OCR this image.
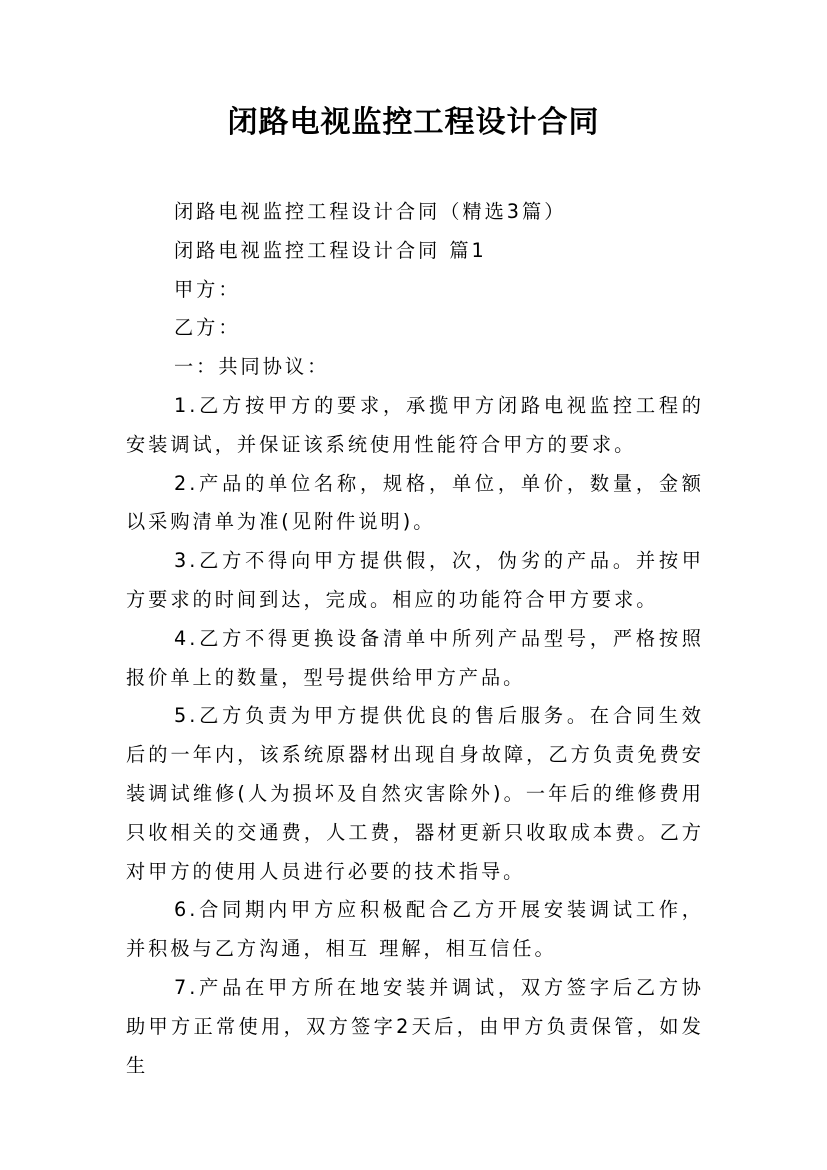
闭路电视监控工程设计合同

闭路电视监控工程设计合同（精选3篇）

闭路电视监控工程设计合同 篇1

甲方：

乙方：

一：共同协议：

1.乙方按甲方的要求，承揽甲方闭路电视监控工程的安装调试，并保证该系统使用性能符合甲方的要求。

2.产品的单位名称，规格，单位，单价，数量，金额以采购清单为准(见附件说明)。

3.乙方不得向甲方提供假，次，伪劣的产品。并按甲方要求的时间到达，完成。相应的功能符合甲方要求。

4.乙方不得更换设备清单中所列产品型号，严格按照报价单上的数量，型号提供给甲方产品。

5.乙方负责为甲方提供优良的售后服务。在合同生效后的一年内，该系统原器材出现自身故障，乙方负责免费安装调试维修(人为损坏及自然灾害除外)。一年后的维修费用只收相关的交通费，人工费，器材更新只收取成本费。乙方对甲方的使用人员进行必要的技术指导。

6.合同期内甲方应积极配合乙方开展安装调试工作，并积极与乙方沟通，相互 理解，相互信任。

7.产品在甲方所在地安装并调试，双方签字后乙方协助甲方正常使用，双方签字2天后，由甲方负责保管，如发生
